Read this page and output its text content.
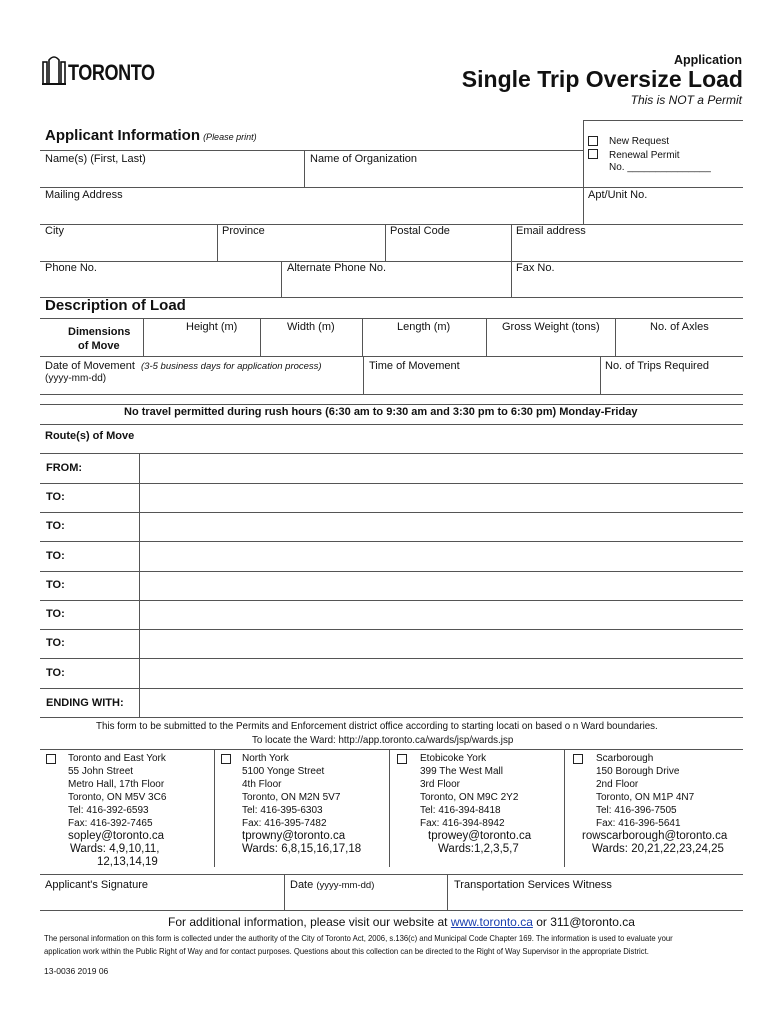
TORONTO	Application
Single Trip Oversize Load
This is NOT a Permit
Applicant Information (Please print)	New Request
Renewal Permit
No. _______________
Name(s) (First, Last)	Name of Organization
Mailing Address	Apt/Unit No.
City	Province	Postal Code	Email address
Phone No.	Alternate Phone No.	Fax No.
Description of Load
Dimensions
of Move
Height (m)	Width (m)	Length (m)	Gross Weight (tons)	No. of Axles
Date of Movement (3-5 business days for application process)
(yyyy-mm-dd)
Time of Movement	No. of Trips Required
No travel permitted during rush hours (6:30 am to 9:30 am and 3:30 pm to 6:30 pm) Monday-Friday
Route(s) of Move
FROM:
TO:
TO:
TO:
TO:
TO:
TO:
TO:
ENDING WITH:
This form to be submitted to the Permits and Enforcement district office according to starting locati on based o n Ward boundaries.
To locate the Ward: http://app.toronto.ca/wards/jsp/wards.jsp
Toronto and East York
55 John Street
Metro Hall, 17th Floor
Toronto, ON M5V 3C6
Tel: 416-392-6593
Fax: 416-392-7465
sopley@toronto.ca
Wards: 4,9,10,11,
12,13,14,19
North York
5100 Yonge Street
4th Floor
Toronto, ON M2N 5V7
Tel: 416-395-6303
Fax: 416-395-7482
tprowny@toronto.ca
Wards: 6,8,15,16,17,18
Etobicoke York
399 The West Mall
3rd Floor
Toronto, ON M9C 2Y2
Tel: 416-394-8418
Fax: 416-394-8942
tprowey@toronto.ca
Wards:1,2,3,5,7
Scarborough
150 Borough Drive
2nd Floor
Toronto, ON M1P 4N7
Tel: 416-396-7505
Fax: 416-396-5641
rowscarborough@toronto.ca
Wards: 20,21,22,23,24,25
Applicant's Signature	Date (yyyy-mm-dd)	Transportation Services Witness
For additional information, please visit our website at www.toronto.ca or 311@toronto.ca
The personal information on this form is collected under the authority of the City of Toronto Act, 2006, s.136(c) and Municipal Code Chapter 169. The information is used to evaluate your
application work within the Public Right of Way and for contact purposes. Questions about this collection can be directed to the Right of Way Supervisor in the appropriate District.
13-0036 2019 06
